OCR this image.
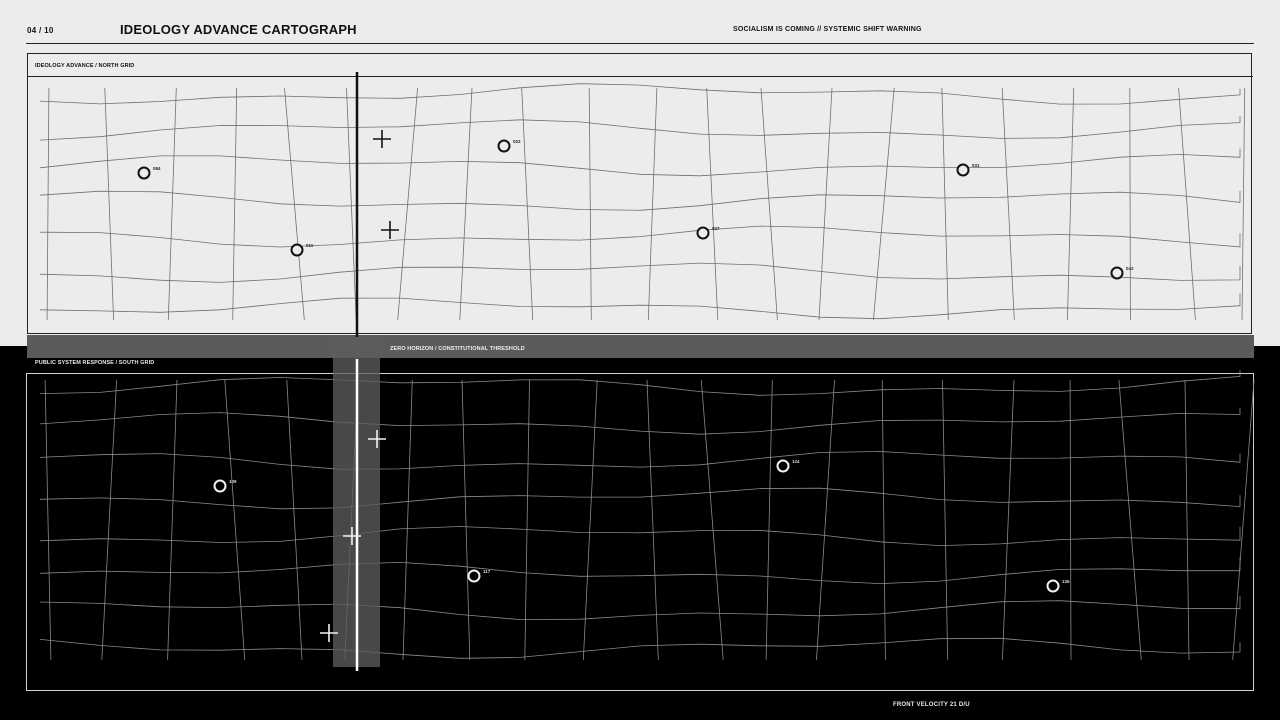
04 / 10	IDEOLOGY ADVANCE CARTOGRAPH	SOCIALISM IS COMING // SYSTEMIC SHIFT WARNING
IDEOLOGY ADVANCE / NORTH GRID
ZERO HORIZON / CONSTITUTIONAL THRESHOLD
PUBLIC SYSTEM RESPONSE / SOUTH GRID
084
011
022
027
031
042
109
117
124
136
FRONT VELOCITY 21 D/U
